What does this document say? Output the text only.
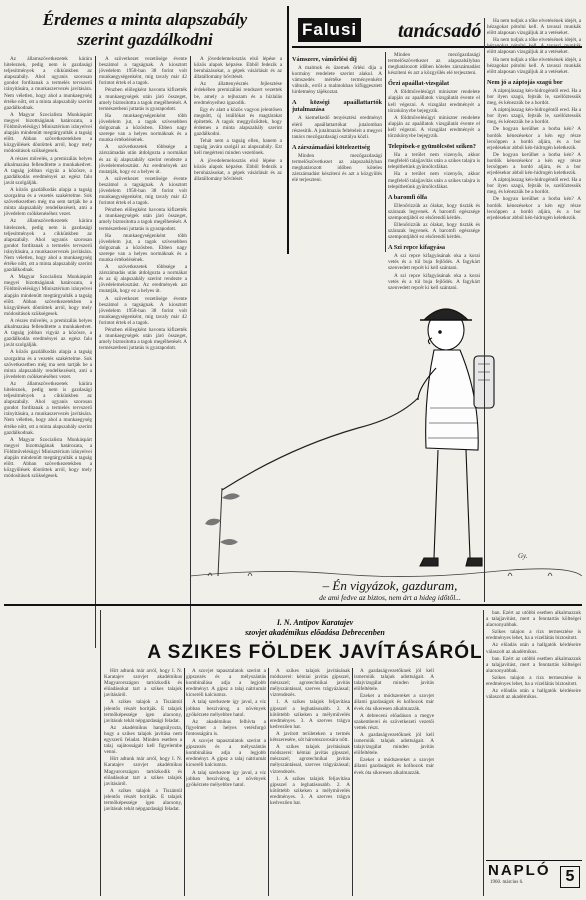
Érdemes a minta alapszabály
szerint gazdálkodni

Az államszövetkezetek kárára hiteleznek, pedig nem is gazdasági teljesítmények a cikkünkben az alapszabály. Ahol ugyanis szorosan gondot fordítanak a termelés tervszerű irányítására, a munkaszervezés javítására. Nem véletlen, hogy ahol a munkaegység értéke nőtt, ott a minta alapszabály szerint gazdálkodnak.

A Magyar Szocialista Munkáspárt megyei bizottságának határozata, a Földművelésügyi Minisztérium irányelvei alapján mindenütt megtárgyalták a tagság előtt. Abban szövetkezetekben a közgyűlések döntöttek arról, hogy mely módosítások szükségesek.

A részes művelés, a premizálás helyes alkalmazása fellendítette a munkakedvet. A tagság jobban vigyáz a közösre, a gazdálkodás eredményei az egész falu javát szolgálják.

A közös gazdálkodás alapja a tagság szorgalma és a vezetés szakértelme. Sok szövetkezetben még ma sem tartják be a minta alapszabály rendelkezéseit, ami a jövedelem csökkenéséhez vezet.

Az államszövetkezetek kárára hiteleznek, pedig nem is gazdasági teljesítmények a cikkünkben az alapszabály. Ahol ugyanis szorosan gondot fordítanak a termelés tervszerű irányítására, a munkaszervezés javítására. Nem véletlen, hogy ahol a munkaegység értéke nőtt, ott a minta alapszabály szerint gazdálkodnak.

A Magyar Szocialista Munkáspárt megyei bizottságának határozata, a Földművelésügyi Minisztérium irányelvei alapján mindenütt megtárgyalták a tagság előtt. Abban szövetkezetekben a közgyűlések döntöttek arról, hogy mely módosítások szükségesek.

A részes művelés, a premizálás helyes alkalmazása fellendítette a munkakedvet. A tagság jobban vigyáz a közösre, a gazdálkodás eredményei az egész falu javát szolgálják.

A közös gazdálkodás alapja a tagság szorgalma és a vezetés szakértelme. Sok szövetkezetben még ma sem tartják be a minta alapszabály rendelkezéseit, ami a jövedelem csökkenéséhez vezet.

Az államszövetkezetek kárára hiteleznek, pedig nem is gazdasági teljesítmények a cikkünkben az alapszabály. Ahol ugyanis szorosan gondot fordítanak a termelés tervszerű irányítására, a munkaszervezés javítására. Nem véletlen, hogy ahol a munkaegység értéke nőtt, ott a minta alapszabály szerint gazdálkodnak.

A Magyar Szocialista Munkáspárt megyei bizottságának határozata, a Földművelésügyi Minisztérium irányelvei alapján mindenütt megtárgyalták a tagság előtt. Abban szövetkezetekben a közgyűlések döntöttek arról, hogy mely módosítások szükségesek.

A szövetkezet vezetősége évente beszámol a tagságnak. A kiosztott jövedelem 1958-ban 38 forint volt munkaegységenként, míg tavaly már 42 forintot értek el a tagok.

Pénzben előlegként havonta kifizették a munkaegységek után járó összeget, amely biztosította a tagok megélhetését. A természetbeni juttatás is gyarapodott.

Ha munkaegységenként több jövedelem jut, a tagok szívesebben dolgoznak a közösben. Ebben nagy szerepe van a helyes normáknak és a munka értékelésének.

A szövetkezetek többsége a zárszámadás után átdolgozta a normákat és az új alapszabály szerint rendezte a jövedelemelosztást. Az eredmények azt mutatják, hogy ez a helyes út.

A szövetkezet vezetősége évente beszámol a tagságnak. A kiosztott jövedelem 1958-ban 38 forint volt munkaegységenként, míg tavaly már 42 forintot értek el a tagok.

Pénzben előlegként havonta kifizették a munkaegységek után járó összeget, amely biztosította a tagok megélhetését. A természetbeni juttatás is gyarapodott.

Ha munkaegységenként több jövedelem jut, a tagok szívesebben dolgoznak a közösben. Ebben nagy szerepe van a helyes normáknak és a munka értékelésének.

A szövetkezetek többsége a zárszámadás után átdolgozta a normákat és az új alapszabály szerint rendezte a jövedelemelosztást. Az eredmények azt mutatják, hogy ez a helyes út.

A szövetkezet vezetősége évente beszámol a tagságnak. A kiosztott jövedelem 1958-ban 38 forint volt munkaegységenként, míg tavaly már 42 forintot értek el a tagok.

Pénzben előlegként havonta kifizették a munkaegységek után járó összeget, amely biztosította a tagok megélhetését. A természetbeni juttatás is gyarapodott.

A jövedelemelosztás első lépése a közös alapok képzése. Ebből fedezik a beruházásokat, a gépek vásárlását és az állatállomány bővítését.

Az állattenyésztés fejlesztése érdekében premizálási rendszert vezettek be, amely a tejhozam és a hízlalás eredményeihez igazodik.

Egy év alatt a közös vagyon jelentősen megnőtt, új istállókat és magtárakat építettek. A tagok meggyőződtek, hogy érdemes a minta alapszabály szerint gazdálkodni.

Tehát nem a tagság ellen, hanem a tagság javára szolgál az alapszabály. Ezt kell megérteni minden vezetőnek.

A jövedelemelosztás első lépése a közös alapok képzése. Ebből fedezik a beruházásokat, a gépek vásárlását és az állatállomány bővítését.

Gy.
– Én vigyázok, gazduram,
de ami fedve az biztos, nem árt a hideg időtől...
Falusi tanácsadó
Vámszere, vámőrlési díj

A malmok és üzemek őrlési díja a kormány rendelete szerint alakul. A vámszedés mértéke terményenként változik, erről a malmokban kifüggesztett hirdetmény tájékoztat.

A községi apaállattartók jutalmazása

A kiemelkedő tenyésztési eredményt elérő apaállattartókat jutalomban részesítik. A jutalmazás feltételeit a megyei tanács mezőgazdasági osztálya közli.

A zárszámadási kötelezettség

Minden mezőgazdasági termelőszövetkezet az alapszabályban meghatározott időben köteles zárszámadást készíteni és azt a közgyűlés elé terjeszteni.

Minden mezőgazdasági termelőszövetkezet az alapszabályban meghatározott időben köteles zárszámadást készíteni és azt a közgyűlés elé terjeszteni.

Őrzi apaállat-vizsgálat

A földművelésügyi miniszter rendelete alapján az apaállatok vizsgálatát évente el kell végezni. A vizsgálat eredményét a törzskönyvbe bejegyzik.

A földművelésügyi miniszter rendelete alapján az apaállatok vizsgálatát évente el kell végezni. A vizsgálat eredményét a törzskönyvbe bejegyzik.

Telepítsek-e gyümölcsöst sziken?

Ha a terület nem vizenyős, akkor megfelelő talajjavítás után a szikes talajra is telepíthetünk gyümölcsfákat.

Ha a terület nem vizenyős, akkor megfelelő talajjavítás után a szikes talajra is telepíthetünk gyümölcsfákat.

A baromfi ólfa

Ellenőrizzük az ólakat, hogy tiszták és szárazak legyenek. A baromfi egészsége szempontjából ez elsőrendű kérdés.

Ellenőrizzük az ólakat, hogy tiszták és szárazak legyenek. A baromfi egészsége szempontjából ez elsőrendű kérdés.

A Szi repce kifagyása

A szi repce kifagyásának oka a korai vetés és a túl buja fejlődés. A fagykárt szenvedett repcét ki kell szántani.

A szi repce kifagyásának oka a korai vetés és a túl buja fejlődés. A fagykárt szenvedett repcét ki kell szántani.

Ha nem tudjuk a tőke elvetésének idejét, a hézagokat pótolni kell. A tavaszi munkák előtt alaposan vizsgáljuk át a vetéseket.

Ha nem tudjuk a tőke elvetésének idejét, a hézagokat pótolni kell. A tavaszi munkák előtt alaposan vizsgáljuk át a vetéseket.

Ha nem tudjuk a tőke elvetésének idejét, a hézagokat pótolni kell. A tavaszi munkák előtt alaposan vizsgáljuk át a vetéseket.

Nem jó a záptojás szagú bor

A záptojásszag kén-hidrogéntől ered. Ha a bor ilyen szagú, fejtsük le, szellőztessük meg, és kénezzük be a hordót.

A záptojásszag kén-hidrogéntől ered. Ha a bor ilyen szagú, fejtsük le, szellőztessük meg, és kénezzük be a hordót.

De hogyan kerülhet a borba kén? A hordók kénezésekor a kén egy része lecsöppen a hordó aljára, és a bor erjedésekor abból kén-hidrogén keletkezik.

De hogyan kerülhet a borba kén? A hordók kénezésekor a kén egy része lecsöppen a hordó aljára, és a bor erjedésekor abból kén-hidrogén keletkezik.

A záptojásszag kén-hidrogéntől ered. Ha a bor ilyen szagú, fejtsük le, szellőztessük meg, és kénezzük be a hordót.

De hogyan kerülhet a borba kén? A hordók kénezésekor a kén egy része lecsöppen a hordó aljára, és a bor erjedésekor abból kén-hidrogén keletkezik.

I. N. Antipov Karatajev
szovjet akadémikus előadása Debrecenben
A SZIKES FÖLDEK JAVÍTÁSÁRÓL

Hírt adtunk már arról, hogy I. N. Karatajev szovjet akadémikus Magyarországon tartózkodik és előadásokat tart a szikes talajok javításáról.

A szikes talajok a Tiszántúl jelentős részét borítják. E talajok termőképessége igen alacsony, javításuk tehát népgazdasági feladat.

Az akadémikus hangsúlyozta, hogy a szikes talajok javítása nem egyszerű feladat. Minden esetben a talaj sajátosságait kell figyelembe venni.

Hírt adtunk már arról, hogy I. N. Karatajev szovjet akadémikus Magyarországon tartózkodik és előadásokat tart a szikes talajok javításáról.

A szikes talajok a Tiszántúl jelentős részét borítják. E talajok termőképessége igen alacsony, javításuk tehát népgazdasági feladat.

A szovjet tapasztalatok szerint a gipszezés és a mélyszántás kombinálása adja a legjobb eredményt. A gipsz a talaj nátriumát kicseréli kalciumra.

A talaj szerkezete így javul, a víz jobban beszivárog, a növények gyökérzete mélyebbre hatol.

Az akadémikus felhívta a figyelmet a helyes vetésforgó fontosságára is.

A szovjet tapasztalatok szerint a gipszezés és a mélyszántás kombinálása adja a legjobb eredményt. A gipsz a talaj nátriumát kicseréli kalciumra.

A talaj szerkezete így javul, a víz jobban beszivárog, a növények gyökérzete mélyebbre hatol.

A szikes talajok javításának módszerei: kémiai javítás gipsszel, mészszel; agrotechnikai javítás mélyszántással, szerves trágyázással; vízrendezés.

1. A szikes talajok feljavítása gipsszel a leghatásosabb. 2. A kötöttebb szikeken a mélyművelés eredményes. 3. A szerves trágya kedvezően hat.

A javított területeken a termés kétszeresére, sőt háromszorosára nőtt.

A szikes talajok javításának módszerei: kémiai javítás gipsszel, mészszel; agrotechnikai javítás mélyszántással, szerves trágyázással; vízrendezés.

1. A szikes talajok feljavítása gipsszel a leghatásosabb. 2. A kötöttebb szikeken a mélyművelés eredményes. 3. A szerves trágya kedvezően hat.

A gazdaságvezetőknek jól kell ismerniük talajuk adottságait. A talajvizsgálat minden javítás előfeltétele.

Ezeket a módszereket a szovjet állami gazdaságok és kolhozok már évek óta sikeresen alkalmazzák.

A debreceni előadáson a megye szakemberei és szövetkezeti vezetői vettek részt.

A gazdaságvezetőknek jól kell ismerniük talajuk adottságait. A talajvizsgálat minden javítás előfeltétele.

Ezeket a módszereket a szovjet állami gazdaságok és kolhozok már évek óta sikeresen alkalmazzák.

ban. Ezért az utóbbi esetben alkalmazzuk a talajjavítást, mert a fenntartás költségei alacsonyabbak.

Szikes talajon a rizs termesztése is eredményes lehet, ha a vízellátás biztosított.

Az előadás után a hallgatók kérdéseire válaszolt az akadémikus.

ban. Ezért az utóbbi esetben alkalmazzuk a talajjavítást, mert a fenntartás költségei alacsonyabbak.

Szikes talajon a rizs termesztése is eredményes lehet, ha a vízellátás biztosított.

Az előadás után a hallgatók kérdéseire válaszolt az akadémikus.

NAPLÓ
1960. március 6.	5
